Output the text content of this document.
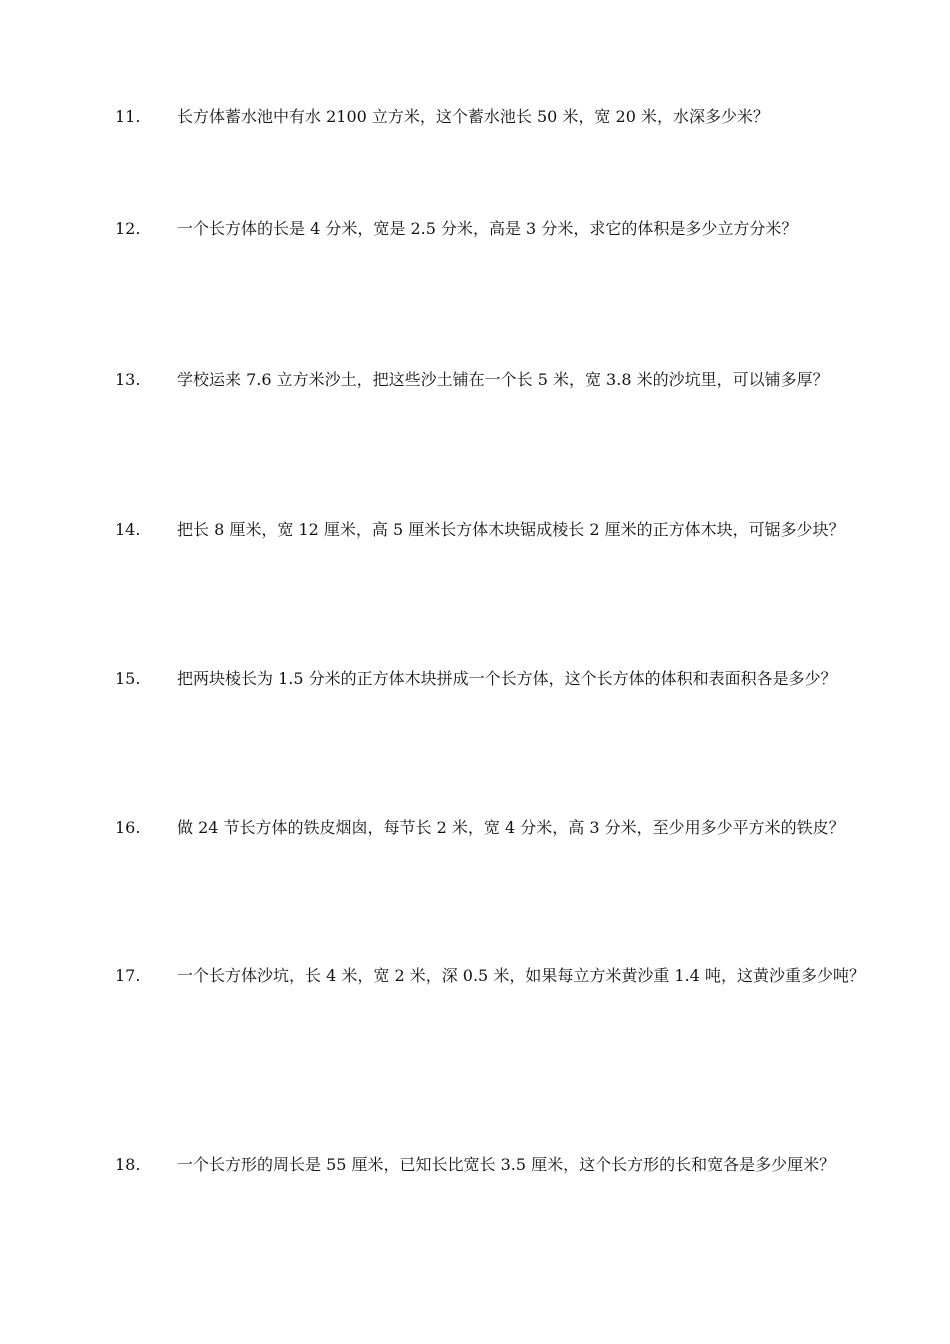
11. 长方体蓄水池中有水 2100 立方米，这个蓄水池长 50 米，宽 20 米，水深多少米？
12. 一个长方体的长是 4 分米，宽是 2.5 分米，高是 3 分米，求它的体积是多少立方分米？
13. 学校运来 7.6 立方米沙土，把这些沙土铺在一个长 5 米，宽 3.8 米的沙坑里，可以铺多厚？
14. 把长 8 厘米，宽 12 厘米，高 5 厘米长方体木块锯成棱长 2 厘米的正方体木块，可锯多少块？
15. 把两块棱长为 1.5 分米的正方体木块拼成一个长方体，这个长方体的体积和表面积各是多少？
16. 做 24 节长方体的铁皮烟囱，每节长 2 米，宽 4 分米，高 3 分米，至少用多少平方米的铁皮？
17. 一个长方体沙坑，长 4 米，宽 2 米，深 0.5 米，如果每立方米黄沙重 1.4 吨，这黄沙重多少吨？
18. 一个长方形的周长是 55 厘米，已知长比宽长 3.5 厘米，这个长方形的长和宽各是多少厘米？
